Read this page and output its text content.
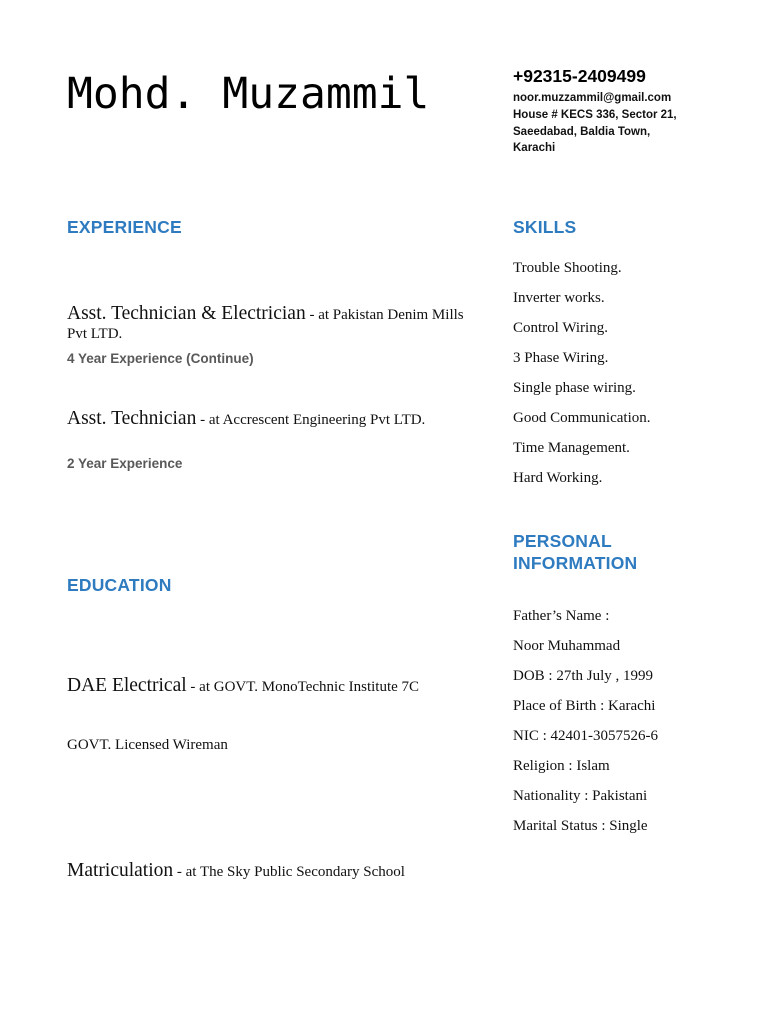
Mohd. Muzammil	+92315-2409499
noor.muzzammil@gmail.com
House # KECS 336, Sector 21, Saeedabad, Baldia Town, Karachi
EXPERIENCE
Asst. Technician & Electrician - at Pakistan Denim Mills Pvt LTD.
4 Year Experience (Continue)
Asst. Technician - at Accrescent Engineering Pvt LTD.
2 Year Experience
EDUCATION
DAE Electrical - at GOVT. MonoTechnic Institute 7C
GOVT. Licensed Wireman
Matriculation - at The Sky Public Secondary School
SKILLS
Trouble Shooting.
Inverter works.
Control Wiring.
3 Phase Wiring.
Single phase wiring.
Good Communication.
Time Management.
Hard Working.
PERSONAL INFORMATION
Father’s Name :
Noor Muhammad
DOB : 27th July , 1999
Place of Birth : Karachi
NIC : 42401-3057526-6
Religion : Islam
Nationality : Pakistani
Marital Status : Single
